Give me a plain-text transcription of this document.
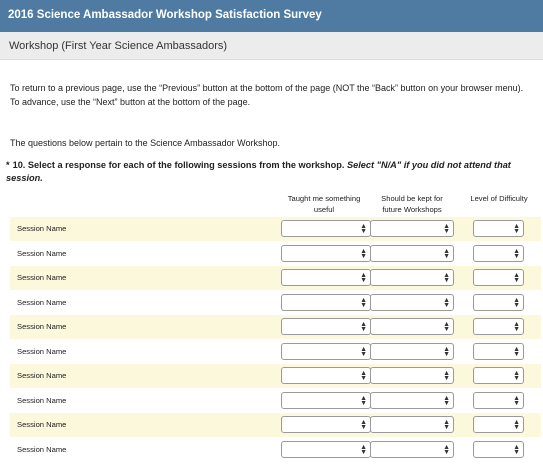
2016 Science Ambassador Workshop Satisfaction Survey
Workshop (First Year Science Ambassadors)
To return to a previous page, use the “Previous” button at the bottom of the page (NOT the “Back” button on your browser menu). To advance, use the “Next” button at the bottom of the page.
The questions below pertain to the Science Ambassador Workshop.
* 10. Select a response for each of the following sessions from the workshop. Select "N/A" if you did not attend that session.
Taught me something useful
Should be kept for future Workshops
Level of Difficulty
Session Name	▲
▼
▲
▼
▲
▼
Session Name	▲
▼
▲
▼
▲
▼
Session Name	▲
▼
▲
▼
▲
▼
Session Name	▲
▼
▲
▼
▲
▼
Session Name	▲
▼
▲
▼
▲
▼
Session Name	▲
▼
▲
▼
▲
▼
Session Name	▲
▼
▲
▼
▲
▼
Session Name	▲
▼
▲
▼
▲
▼
Session Name	▲
▼
▲
▼
▲
▼
Session Name	▲
▼
▲
▼
▲
▼
